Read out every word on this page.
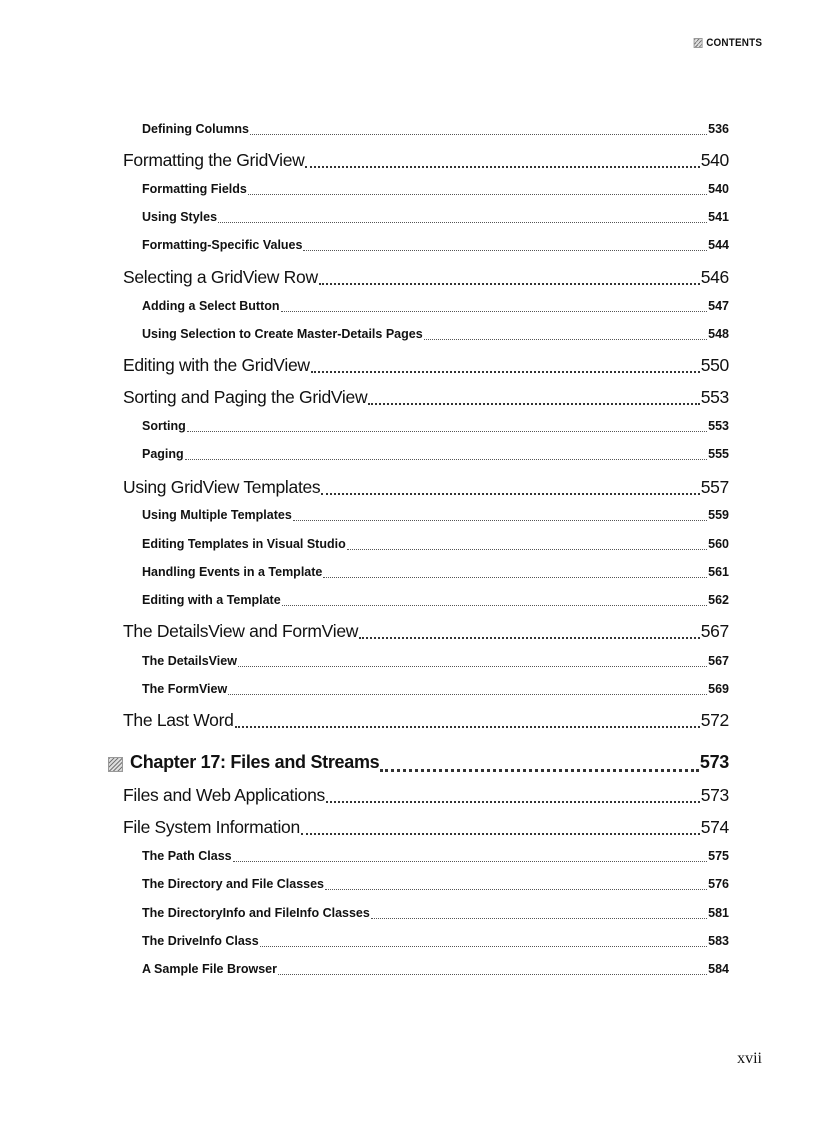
CONTENTS
Defining Columns	536
Formatting the GridView	540
Formatting Fields	540
Using Styles	541
Formatting-Specific Values	544
Selecting a GridView Row	546
Adding a Select Button	547
Using Selection to Create Master-Details Pages	548
Editing with the GridView	550
Sorting and Paging the GridView	553
Sorting	553
Paging	555
Using GridView Templates	557
Using Multiple Templates	559
Editing Templates in Visual Studio	560
Handling Events in a Template	561
Editing with a Template	562
The DetailsView and FormView	567
The DetailsView	567
The FormView	569
The Last Word	572
Chapter 17: Files and Streams	573
Files and Web Applications	573
File System Information	574
The Path Class	575
The Directory and File Classes	576
The DirectoryInfo and FileInfo Classes	581
The DriveInfo Class	583
A Sample File Browser	584
xvii
